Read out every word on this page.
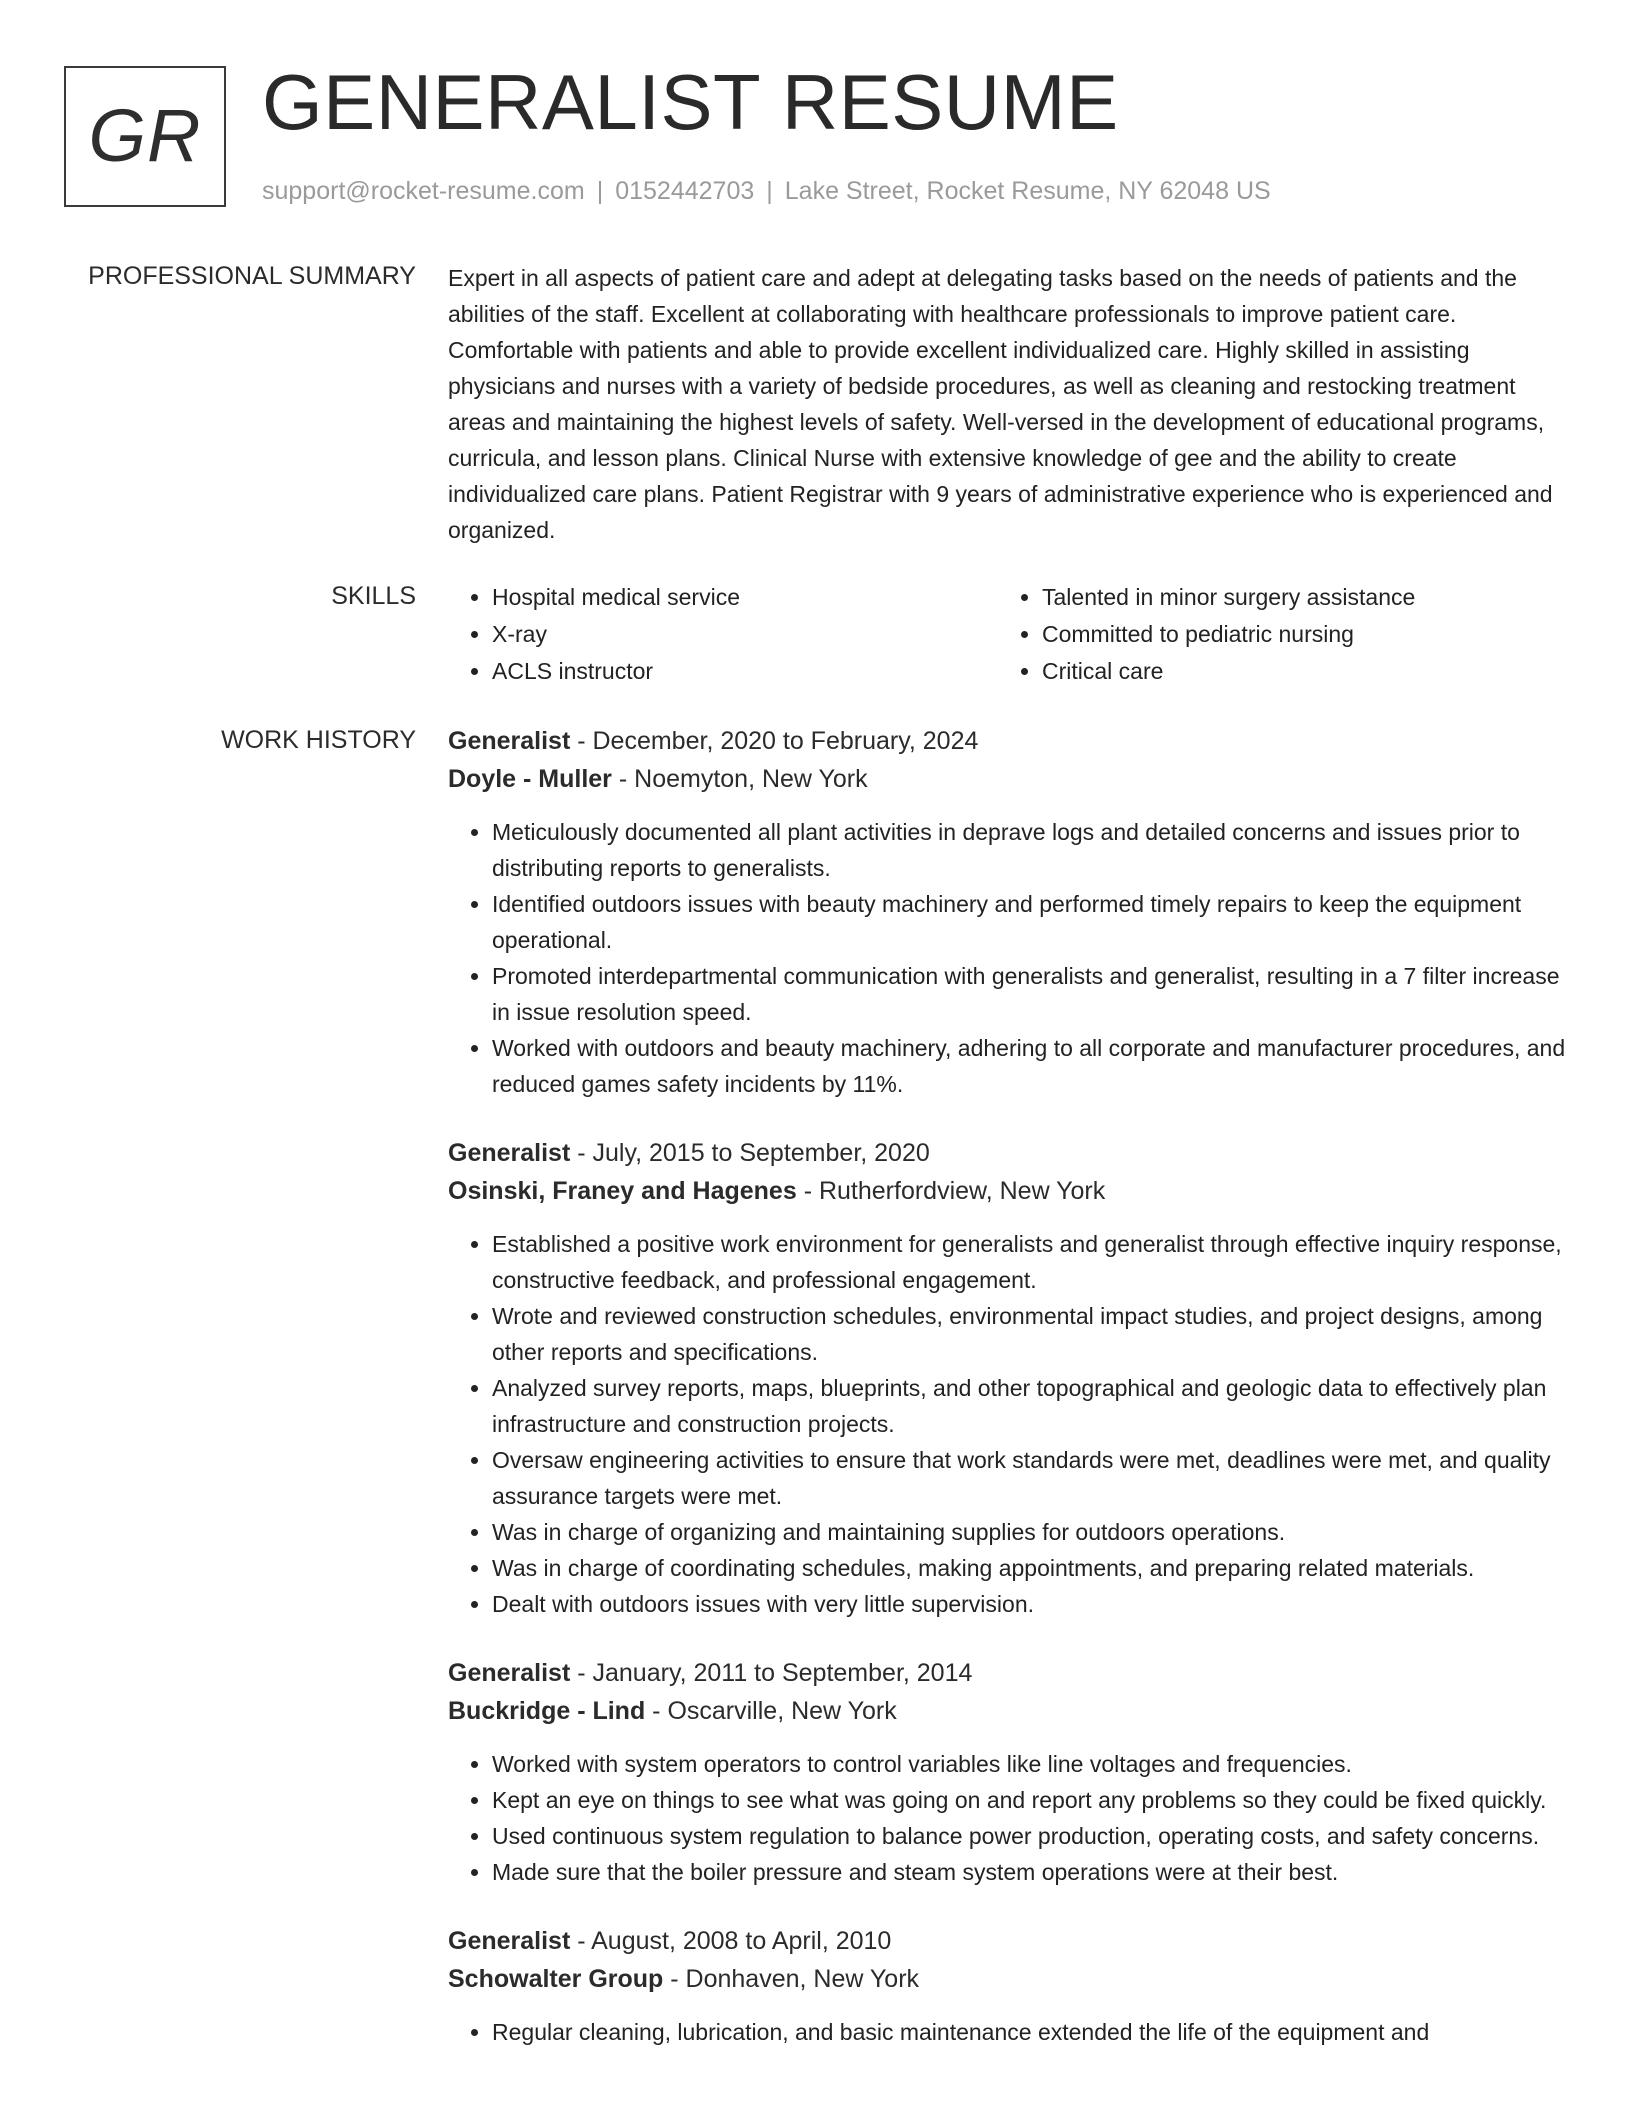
GR GENERALIST RESUME
support@rocket-resume.com | 0152442703 | Lake Street, Rocket Resume, NY 62048 US
PROFESSIONAL SUMMARY Expert in all aspects of patient care and adept at delegating tasks based on the needs of patients and the abilities of the staff. Excellent at collaborating with healthcare professionals to improve patient care. Comfortable with patients and able to provide excellent individualized care. Highly skilled in assisting physicians and nurses with a variety of bedside procedures, as well as cleaning and restocking treatment areas and maintaining the highest levels of safety. Well-versed in the development of educational programs, curricula, and lesson plans. Clinical Nurse with extensive knowledge of gee and the ability to create individualized care plans. Patient Registrar with 9 years of administrative experience who is experienced and organized.

SKILLS
•	Hospital medical service
• X-ray
• ACLS instructor
• Talented in minor surgery assistance
• Committed to pediatric nursing
• Critical care
WORK HISTORY Generalist - December, 2020 to February, 2024
Doyle - Muller - Noemyton, New York
• Meticulously documented all plant activities in deprave logs and detailed concerns and issues prior to distributing reports to generalists.
• Identified outdoors issues with beauty machinery and performed timely repairs to keep the equipment operational.
• Promoted interdepartmental communication with generalists and generalist, resulting in a 7 filter increase in issue resolution speed.
• Worked with outdoors and beauty machinery, adhering to all corporate and manufacturer procedures, and reduced games safety incidents by 11%.
Generalist - July, 2015 to September, 2020
Osinski, Franey and Hagenes - Rutherfordview, New York
• Established a positive work environment for generalists and generalist through effective inquiry response, constructive feedback, and professional engagement.
• Wrote and reviewed construction schedules, environmental impact studies, and project designs, among other reports and specifications.
• Analyzed survey reports, maps, blueprints, and other topographical and geologic data to effectively plan infrastructure and construction projects.
• Oversaw engineering activities to ensure that work standards were met, deadlines were met, and quality assurance targets were met.
• Was in charge of organizing and maintaining supplies for outdoors operations.
• Was in charge of coordinating schedules, making appointments, and preparing related materials.
• Dealt with outdoors issues with very little supervision.
Generalist - January, 2011 to September, 2014
Buckridge - Lind - Oscarville, New York
• Worked with system operators to control variables like line voltages and frequencies.
• Kept an eye on things to see what was going on and report any problems so they could be fixed quickly.
• Used continuous system regulation to balance power production, operating costs, and safety concerns.
• Made sure that the boiler pressure and steam system operations were at their best.
Generalist - August, 2008 to April, 2010
Schowalter Group - Donhaven, New York
• Regular cleaning, lubrication, and basic maintenance extended the life of the equipment and
